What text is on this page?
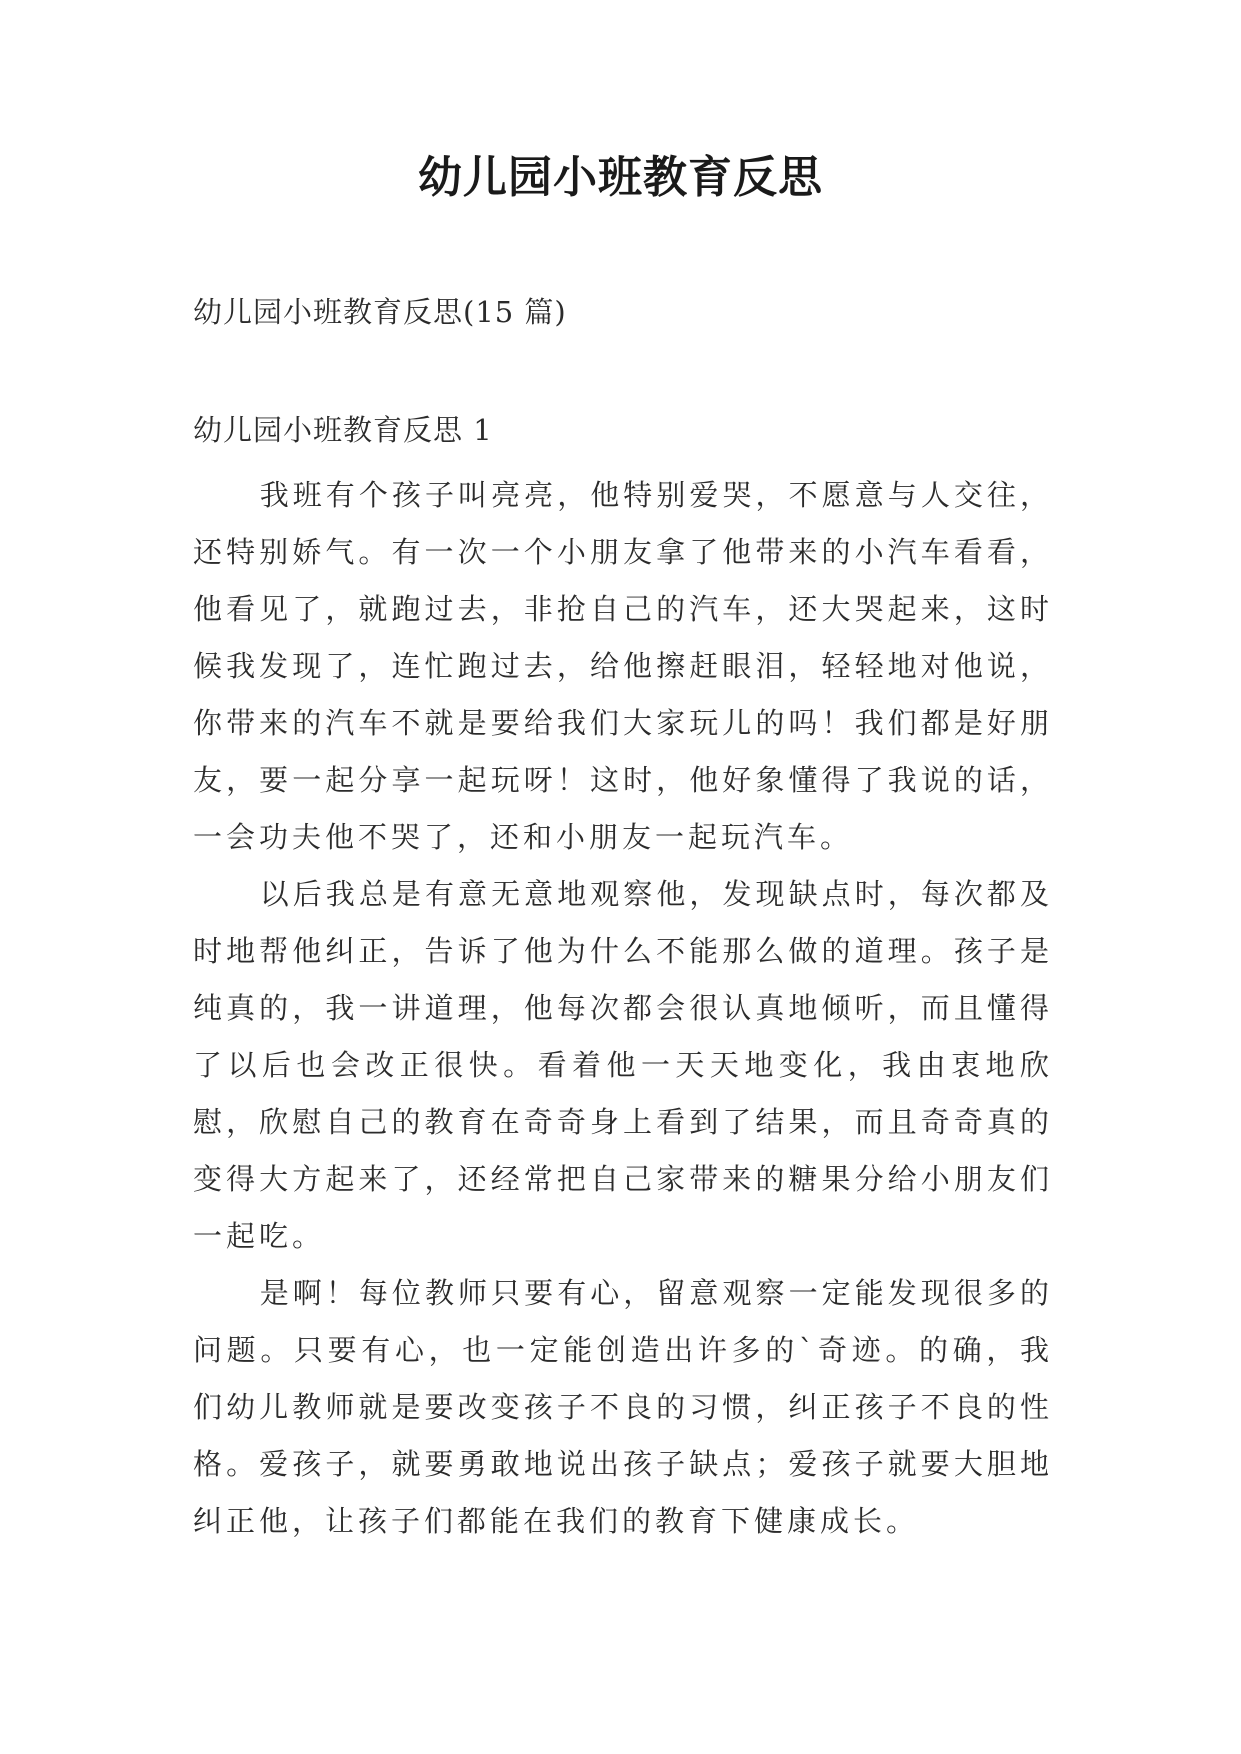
幼儿园小班教育反思

幼儿园小班教育反思(15 篇)

幼儿园小班教育反思 1

我班有个孩子叫亮亮，他特别爱哭，不愿意与人交往，还特别娇气。有一次一个小朋友拿了他带来的小汽车看看，他看见了，就跑过去，非抢自己的汽车，还大哭起来，这时候我发现了，连忙跑过去，给他擦赶眼泪，轻轻地对他说，你带来的汽车不就是要给我们大家玩儿的吗！我们都是好朋友，要一起分享一起玩呀！这时，他好象懂得了我说的话，一会功夫他不哭了，还和小朋友一起玩汽车。

以后我总是有意无意地观察他，发现缺点时，每次都及时地帮他纠正，告诉了他为什么不能那么做的道理。孩子是纯真的，我一讲道理，他每次都会很认真地倾听，而且懂得了以后也会改正很快。看着他一天天地变化，我由衷地欣慰，欣慰自己的教育在奇奇身上看到了结果，而且奇奇真的变得大方起来了，还经常把自己家带来的糖果分给小朋友们一起吃。

是啊！每位教师只要有心，留意观察一定能发现很多的问题。只要有心，也一定能创造出许多的`奇迹。的确，我们幼儿教师就是要改变孩子不良的习惯，纠正孩子不良的性格。爱孩子，就要勇敢地说出孩子缺点；爱孩子就要大胆地纠正他，让孩子们都能在我们的教育下健康成长。
